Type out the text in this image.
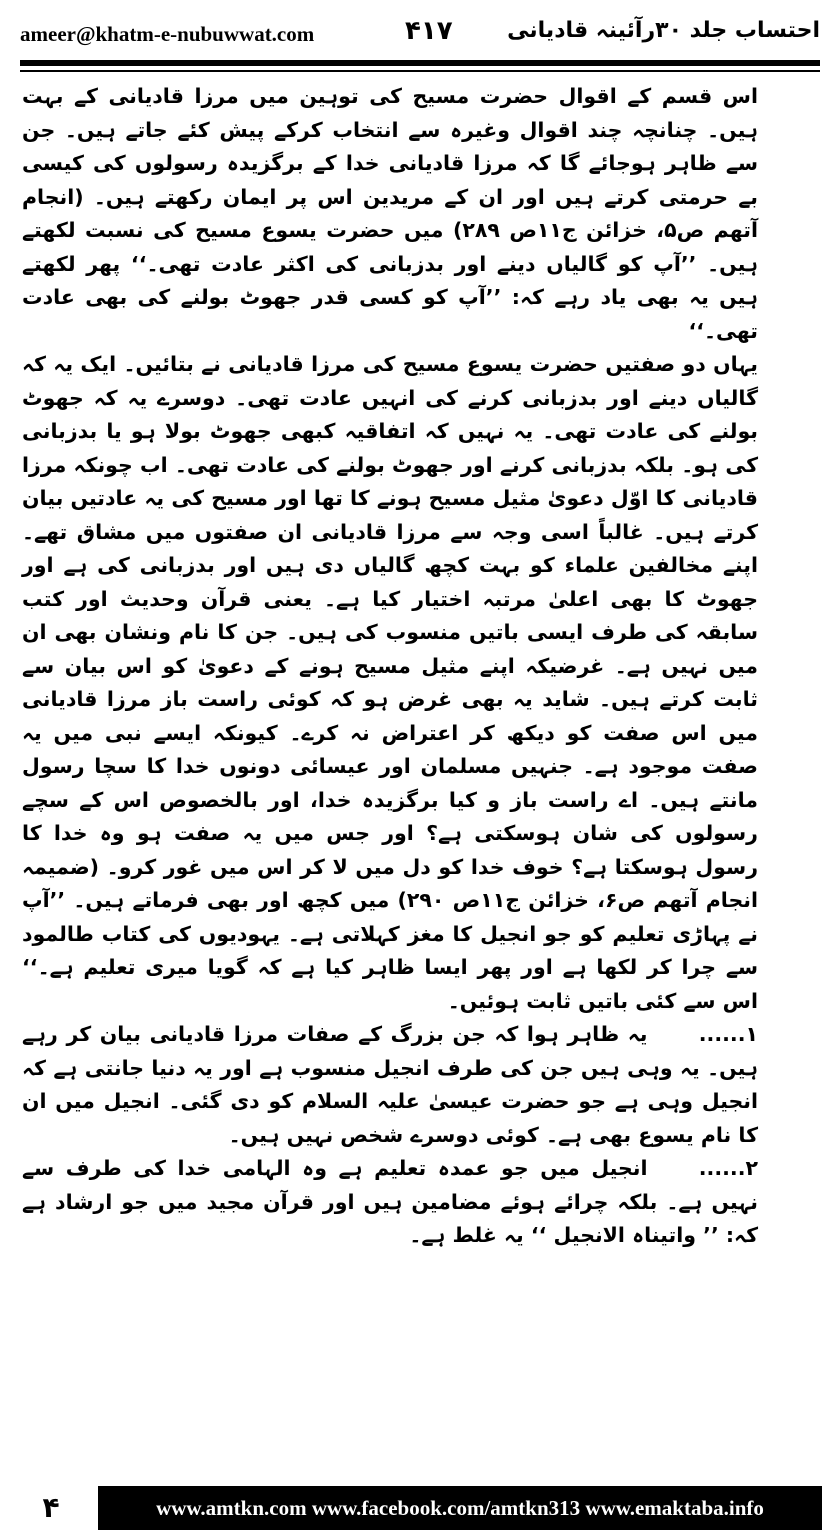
ameer@khatm-e-nubuwwat.com	۴۱۷ احتساب جلد ۳۰رآئینہ قادیانی

اس قسم کے اقوال حضرت مسیح کی توہین میں مرزا قادیانی کے بہت ہیں۔ چنانچہ چند اقوال وغیرہ سے انتخاب کرکے پیش کئے جاتے ہیں۔ جن سے ظاہر ہوجائے گا کہ مرزا قادیانی خدا کے برگزیدہ رسولوں کی کیسی بے حرمتی کرتے ہیں اور ان کے مریدین اس پر ایمان رکھتے ہیں۔ (انجام آتھم ص۵، خزائن ج۱۱ص ۲۸۹) میں حضرت یسوع مسیح کی نسبت لکھتے ہیں۔ ’’آپ کو گالیاں دینے اور بدزبانی کی اکثر عادت تھی۔‘‘ پھر لکھتے ہیں یہ بھی یاد رہے کہ: ’’آپ کو کسی قدر جھوٹ بولنے کی بھی عادت تھی۔‘‘

یہاں دو صفتیں حضرت یسوع مسیح کی مرزا قادیانی نے بتائیں۔ ایک یہ کہ گالیاں دینے اور بدزبانی کرنے کی انہیں عادت تھی۔ دوسرے یہ کہ جھوٹ بولنے کی عادت تھی۔ یہ نہیں کہ اتفاقیہ کبھی جھوٹ بولا ہو یا بدزبانی کی ہو۔ بلکہ بدزبانی کرنے اور جھوٹ بولنے کی عادت تھی۔ اب چونکہ مرزا قادیانی کا اوّل دعویٰ مثیل مسیح ہونے کا تھا اور مسیح کی یہ عادتیں بیان کرتے ہیں۔ غالباً اسی وجہ سے مرزا قادیانی ان صفتوں میں مشاق تھے۔ اپنے مخالفین علماء کو بہت کچھ گالیاں دی ہیں اور بدزبانی کی ہے اور جھوٹ کا بھی اعلیٰ مرتبہ اختیار کیا ہے۔ یعنی قرآن وحدیث اور کتب سابقہ کی طرف ایسی باتیں منسوب کی ہیں۔ جن کا نام ونشان بھی ان میں نہیں ہے۔ غرضیکہ اپنے مثیل مسیح ہونے کے دعویٰ کو اس بیان سے ثابت کرتے ہیں۔ شاید یہ بھی غرض ہو کہ کوئی راست باز مرزا قادیانی میں اس صفت کو دیکھ کر اعتراض نہ کرے۔ کیونکہ ایسے نبی میں یہ صفت موجود ہے۔ جنہیں مسلمان اور عیسائی دونوں خدا کا سچا رسول مانتے ہیں۔ اے راست باز و کیا برگزیدہ خدا، اور بالخصوص اس کے سچے رسولوں کی شان ہوسکتی ہے؟ اور جس میں یہ صفت ہو وہ خدا کا رسول ہوسکتا ہے؟ خوف خدا کو دل میں لا کر اس میں غور کرو۔ (ضمیمہ انجام آتھم ص۶، خزائن ج۱۱ص ۲۹۰) میں کچھ اور بھی فرماتے ہیں۔ ’’آپ نے پہاڑی تعلیم کو جو انجیل کا مغز کہلاتی ہے۔ یہودیوں کی کتاب طالمود سے چرا کر لکھا ہے اور پھر ایسا ظاہر کیا ہے کہ گویا میری تعلیم ہے۔‘‘ اس سے کئی باتیں ثابت ہوئیں۔

۱......یہ ظاہر ہوا کہ جن بزرگ کے صفات مرزا قادیانی بیان کر رہے ہیں۔ یہ وہی ہیں جن کی طرف انجیل منسوب ہے اور یہ دنیا جانتی ہے کہ انجیل وہی ہے جو حضرت عیسیٰ علیہ السلام کو دی گئی۔ انجیل میں ان کا نام یسوع بھی ہے۔ کوئی دوسرے شخص نہیں ہیں۔

۲......انجیل میں جو عمدہ تعلیم ہے وہ الہامی خدا کی طرف سے نہیں ہے۔ بلکہ چرائے ہوئے مضامین ہیں اور قرآن مجید میں جو ارشاد ہے کہ: ’’ واتیناہ الانجیل ‘‘ یہ غلط ہے۔

۴	www.amtkn.com www.facebook.com/amtkn313 www.emaktaba.info
